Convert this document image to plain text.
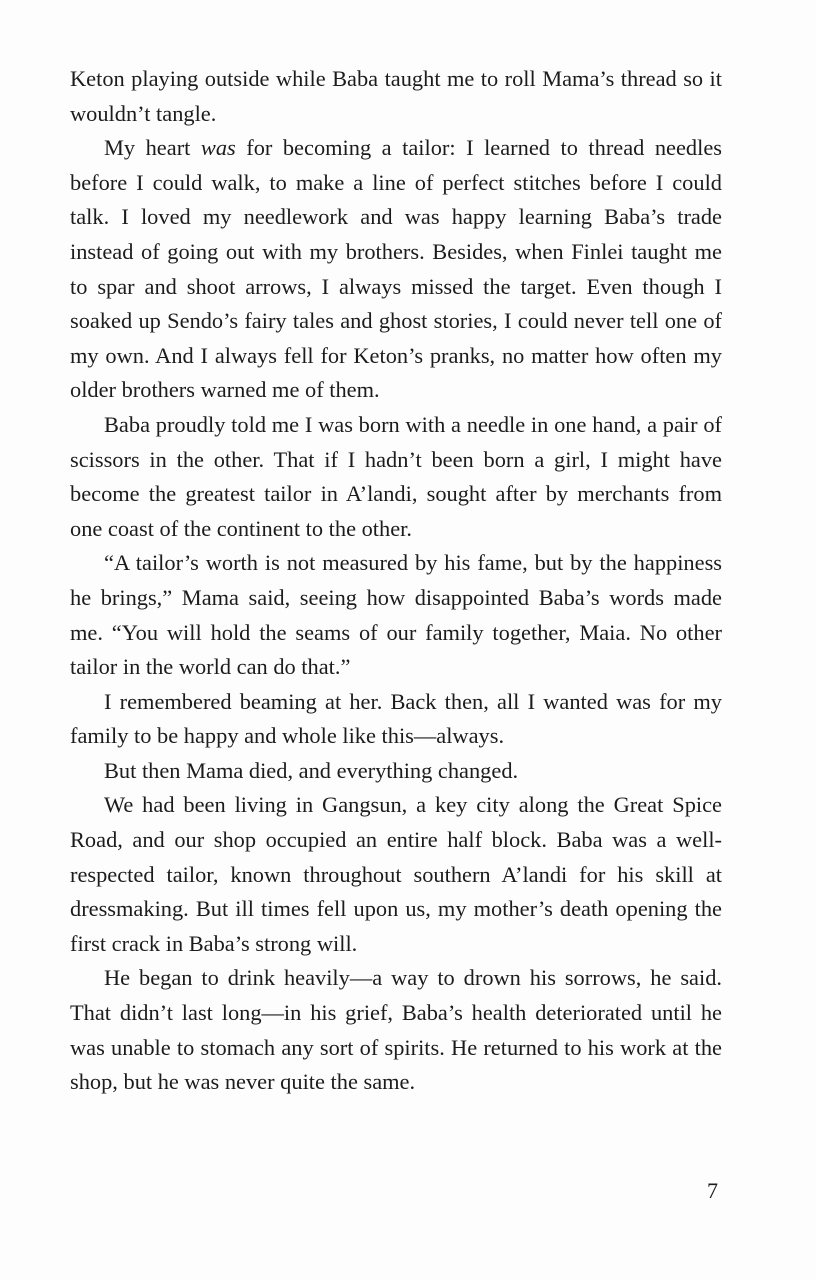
Keton playing outside while Baba taught me to roll Mama’s thread so it wouldn’t tangle.

My heart was for becoming a tailor: I learned to thread needles before I could walk, to make a line of perfect stitches before I could talk. I loved my needlework and was happy learning Baba’s trade instead of going out with my brothers. Besides, when Finlei taught me to spar and shoot arrows, I always missed the target. Even though I soaked up Sendo’s fairy tales and ghost stories, I could never tell one of my own. And I always fell for Keton’s pranks, no matter how often my older brothers warned me of them.

Baba proudly told me I was born with a needle in one hand, a pair of scissors in the other. That if I hadn’t been born a girl, I might have become the greatest tailor in A’landi, sought after by merchants from one coast of the continent to the other.

“A tailor’s worth is not measured by his fame, but by the happiness he brings,” Mama said, seeing how disappointed Baba’s words made me. “You will hold the seams of our family together, Maia. No other tailor in the world can do that.”

I remembered beaming at her. Back then, all I wanted was for my family to be happy and whole like this—always.

But then Mama died, and everything changed.

We had been living in Gangsun, a key city along the Great Spice Road, and our shop occupied an entire half block. Baba was a well-respected tailor, known throughout southern A’landi for his skill at dressmaking. But ill times fell upon us, my mother’s death opening the first crack in Baba’s strong will.

He began to drink heavily—a way to drown his sorrows, he said. That didn’t last long—in his grief, Baba’s health deteriorated until he was unable to stomach any sort of spirits. He returned to his work at the shop, but he was never quite the same.

7
